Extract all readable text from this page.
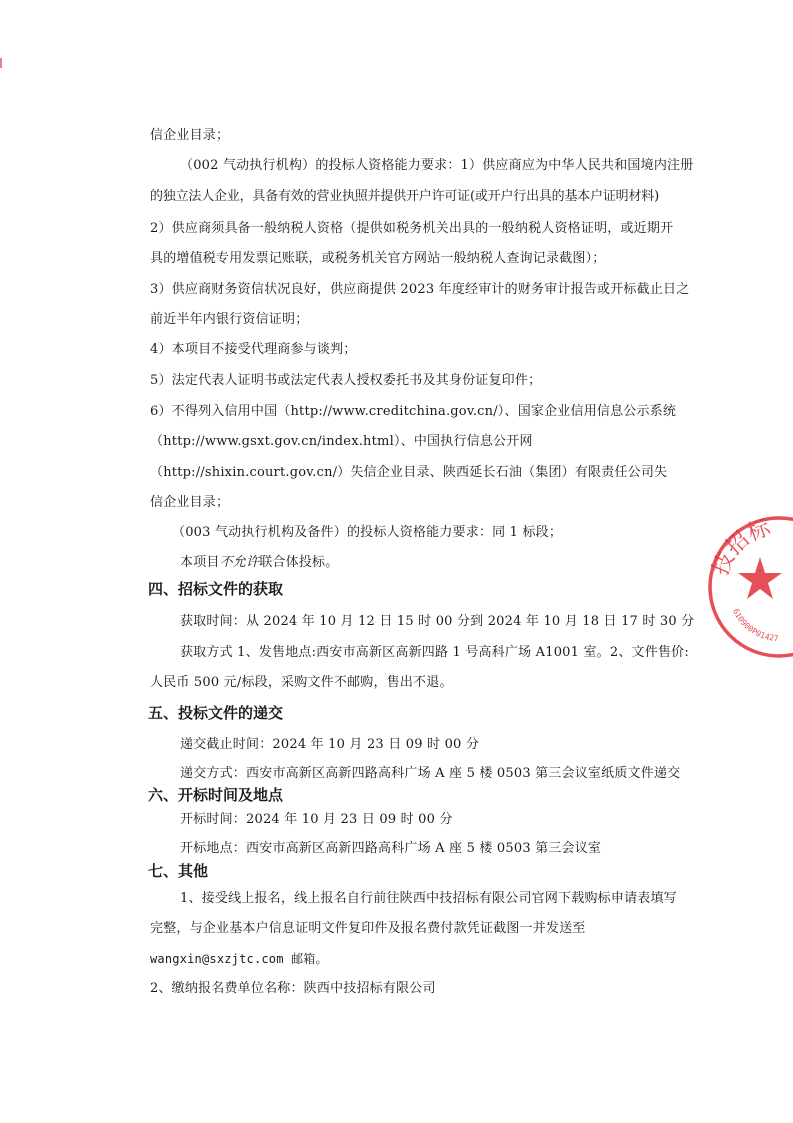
信企业目录；
（002 气动执行机构）的投标人资格能力要求：1）供应商应为中华人民共和国境内注册
的独立法人企业，具备有效的营业执照并提供开户许可证(或开户行出具的基本户证明材料)
2）供应商须具备一般纳税人资格（提供如税务机关出具的一般纳税人资格证明，或近期开
具的增值税专用发票记账联，或税务机关官方网站一般纳税人查询记录截图）；
3）供应商财务资信状况良好，供应商提供 2023 年度经审计的财务审计报告或开标截止日之
前近半年内银行资信证明；
4）本项目不接受代理商参与谈判；
5）法定代表人证明书或法定代表人授权委托书及其身份证复印件；
6）不得列入信用中国（http://www.creditchina.gov.cn/）、国家企业信用信息公示系统
（http://www.gsxt.gov.cn/index.html）、中国执行信息公开网
（http://shixin.court.gov.cn/）失信企业目录、陕西延长石油（集团）有限责任公司失
信企业目录；
（003 气动执行机构及备件）的投标人资格能力要求：同 1 标段；
本项目不允许联合体投标。
四、招标文件的获取
获取时间：从 2024 年 10 月 12 日 15 时 00 分到 2024 年 10 月 18 日 17 时 30 分
获取方式 1、发售地点:西安市高新区高新四路 1 号高科广场 A1001 室。2、文件售价:
人民币 500 元/标段，采购文件不邮购，售出不退。
五、投标文件的递交
递交截止时间：2024 年 10 月 23 日 09 时 00 分
递交方式：西安市高新区高新四路高科广场 A 座 5 楼 0503 第三会议室纸质文件递交
六、开标时间及地点
开标时间：2024 年 10 月 23 日 09 时 00 分
开标地点：西安市高新区高新四路高科广场 A 座 5 楼 0503 第三会议室
七、其他
1、接受线上报名，线上报名自行前往陕西中技招标有限公司官网下载购标申请表填写
完整，与企业基本户信息证明文件复印件及报名费付款凭证截图一并发送至
wangxin@sxzjtc.com 邮箱。
2、缴纳报名费单位名称：陕西中技招标有限公司
技招标
610900P01427
